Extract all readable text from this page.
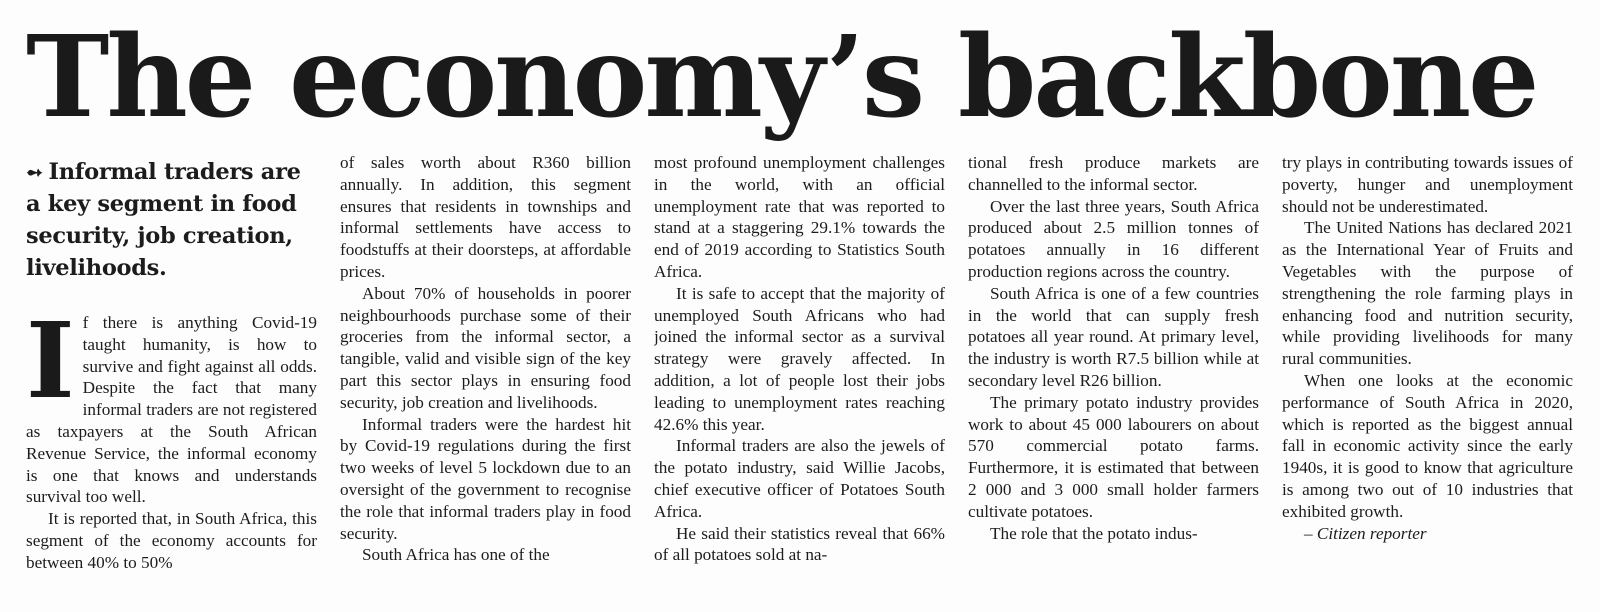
The economy’s backbone
➻ Informal traders are a key segment in food security, job creation, livelihoods.

If there is anything Covid-19 taught humanity, is how to survive and fight against all odds. Despite the fact that many informal traders are not registered as taxpayers at the South African Revenue Service, the informal economy is one that knows and understands survival too well.

It is reported that, in South Africa, this segment of the economy accounts for between 40% to 50%

of sales worth about R360 billion annually. In addition, this segment ensures that residents in townships and informal settlements have access to foodstuffs at their doorsteps, at affordable prices.

About 70% of households in poorer neighbourhoods purchase some of their groceries from the informal sector, a tangible, valid and visible sign of the key part this sector plays in ensuring food security, job creation and livelihoods.

Informal traders were the hardest hit by Covid-19 regulations during the first two weeks of level 5 lockdown due to an oversight of the government to recognise the role that informal traders play in food security.

South Africa has one of the

most profound unemployment challenges in the world, with an official unemployment rate that was reported to stand at a staggering 29.1% towards the end of 2019 according to Statistics South Africa.

It is safe to accept that the majority of unemployed South Africans who had joined the informal sector as a survival strategy were gravely affected. In addition, a lot of people lost their jobs leading to unemployment rates reaching 42.6% this year.

Informal traders are also the jewels of the potato industry, said Willie Jacobs, chief executive officer of Potatoes South Africa.

He said their statistics reveal that 66% of all potatoes sold at na-

tional fresh produce markets are channelled to the informal sector.

Over the last three years, South Africa produced about 2.5 million tonnes of potatoes annually in 16 different production regions across the country.

South Africa is one of a few countries in the world that can supply fresh potatoes all year round. At primary level, the industry is worth R7.5 billion while at secondary level R26 billion.

The primary potato industry provides work to about 45 000 labourers on about 570 commercial potato farms. Furthermore, it is estimated that between 2 000 and 3 000 small holder farmers cultivate potatoes.

The role that the potato indus-

try plays in contributing towards issues of poverty, hunger and unemployment should not be underestimated.

The United Nations has declared 2021 as the International Year of Fruits and Vegetables with the purpose of strengthening the role farming plays in enhancing food and nutrition security, while providing livelihoods for many rural communities.

When one looks at the economic performance of South Africa in 2020, which is reported as the biggest annual fall in economic activity since the early 1940s, it is good to know that agriculture is among two out of 10 industries that exhibited growth.

– Citizen reporter
